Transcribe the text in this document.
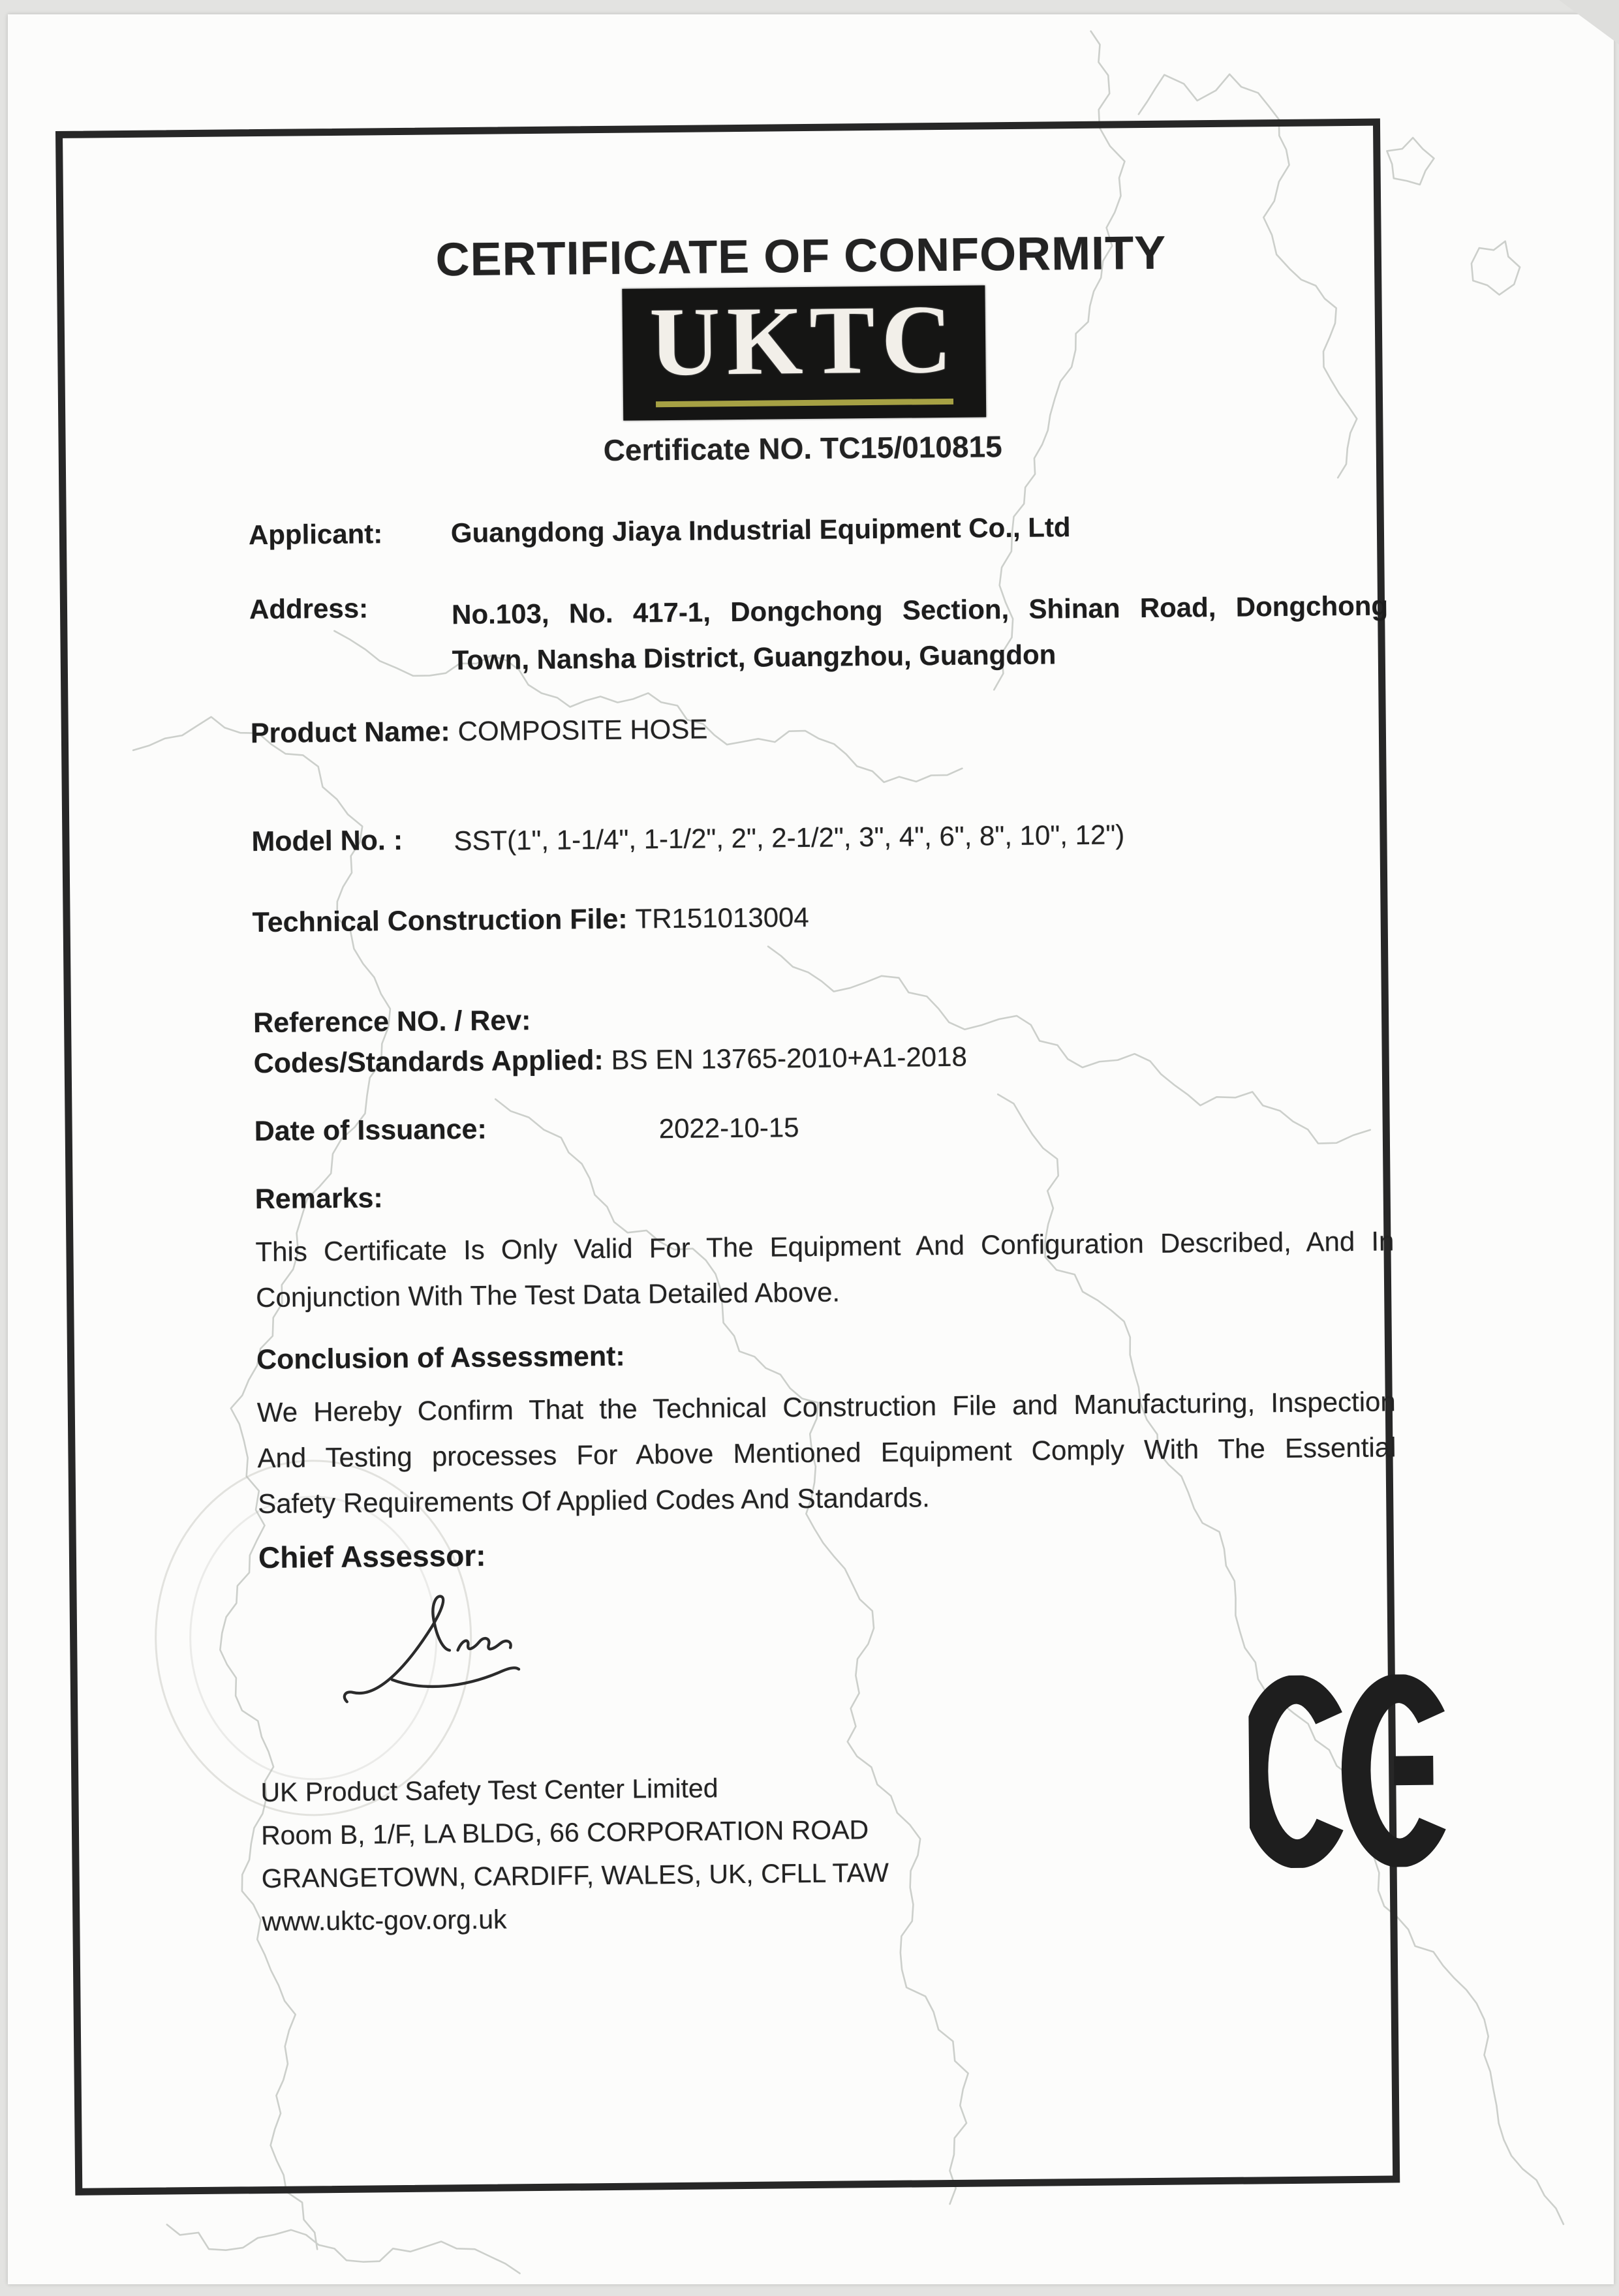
CERTIFICATE OF CONFORMITY
UKTC
Certificate NO. TC15/010815
Applicant: Guangdong Jiaya Industrial Equipment Co., Ltd
Address:	No.103, No. 417-1, Dongchong Section, Shinan Road, Dongchong
Town, Nansha District, Guangzhou, Guangdon
Product Name: COMPOSITE HOSE
Model No. : SST(1", 1-1/4", 1-1/2", 2", 2-1/2", 3", 4", 6", 8", 10", 12")
Technical Construction File: TR151013004
Reference NO. / Rev:
Codes/Standards Applied: BS EN 13765-2010+A1-2018
Date of Issuance:	2022-10-15
Remarks:
This Certificate Is Only Valid For The Equipment And Configuration Described, And In
Conjunction With The Test Data Detailed Above.
Conclusion of Assessment:
We Hereby Confirm That the Technical Construction File and Manufacturing, Inspection
And Testing processes For Above Mentioned Equipment Comply With The Essential
Safety Requirements Of Applied Codes And Standards.
Chief Assessor:
UK Product Safety Test Center Limited
Room B, 1/F, LA BLDG, 66 CORPORATION ROAD
GRANGETOWN, CARDIFF, WALES, UK, CFLL TAW
www.uktc-gov.org.uk
